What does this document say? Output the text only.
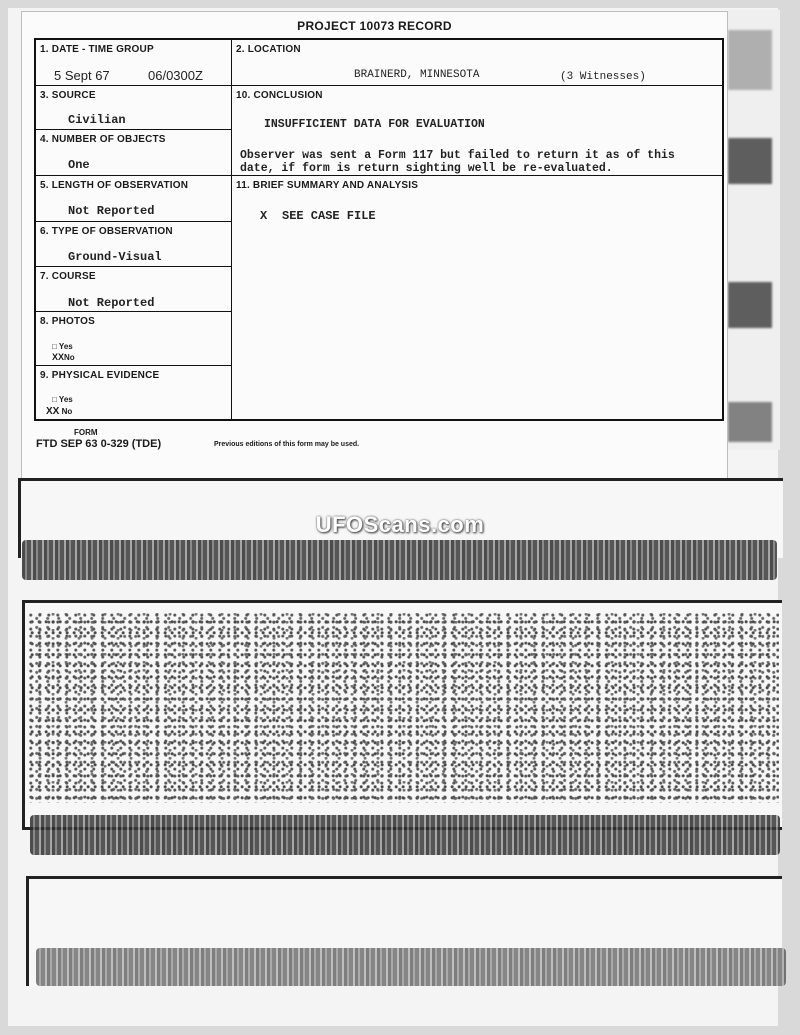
PROJECT 10073 RECORD
1. DATE - TIME GROUP
5 Sept 67	06/0300Z
3. SOURCE
Civilian
4. NUMBER OF OBJECTS
One
5. LENGTH OF OBSERVATION
Not Reported
6. TYPE OF OBSERVATION
Ground-Visual
7. COURSE
Not Reported
8. PHOTOS
□ Yes
XXNo
9. PHYSICAL EVIDENCE
□ Yes
XX No
2. LOCATION
BRAINERD, MINNESOTA	(3 Witnesses)
10. CONCLUSION
INSUFFICIENT DATA FOR EVALUATION
Observer was sent a Form 117 but failed to return it as of this
date, if form is return sighting well be re-evaluated.
11. BRIEF SUMMARY AND ANALYSIS
X SEE CASE FILE
FORM
FTD SEP 63 0-329 (TDE)	Previous editions of this form may be used.
UFOScans.com
